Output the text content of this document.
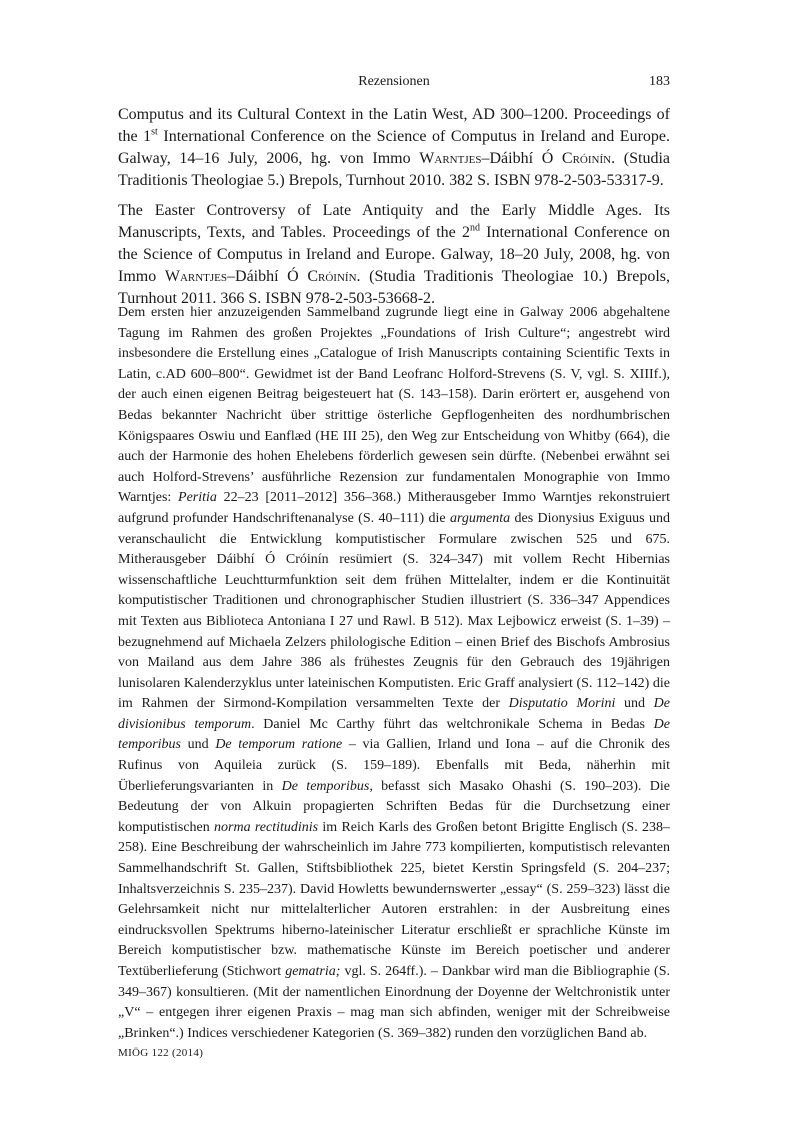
Rezensionen	183

Computus and its Cultural Context in the Latin West, AD 300–1200. Proceedings of the 1st International Conference on the Science of Computus in Ireland and Europe. Galway, 14–16 July, 2006, hg. von Immo Warntjes–Dáibhí Ó Cróinín. (Studia Traditionis Theologiae 5.) Brepols, Turnhout 2010. 382 S. ISBN 978-2-503-53317-9.

The Easter Controversy of Late Antiquity and the Early Middle Ages. Its Manuscripts, Texts, and Tables. Proceedings of the 2nd International Conference on the Science of Computus in Ireland and Europe. Galway, 18–20 July, 2008, hg. von Immo Warntjes–Dáibhí Ó Cróinín. (Studia Traditionis Theologiae 10.) Brepols, Turnhout 2011. 366 S. ISBN 978-2-503-53668-2.

Dem ersten hier anzuzeigenden Sammelband zugrunde liegt eine in Galway 2006 abgehaltene Tagung im Rahmen des großen Projektes „Foundations of Irish Culture“; angestrebt wird insbesondere die Erstellung eines „Catalogue of Irish Manuscripts containing Scientific Texts in Latin, c.AD 600–800“. Gewidmet ist der Band Leofranc Holford-Strevens (S. V, vgl. S. XIIIf.), der auch einen eigenen Beitrag beigesteuert hat (S. 143–158). Darin erörtert er, ausgehend von Bedas bekannter Nachricht über strittige österliche Gepflogenheiten des nordhumbrischen Königspaares Oswiu und Eanflæd (HE III 25), den Weg zur Entscheidung von Whitby (664), die auch der Harmonie des hohen Ehelebens förderlich gewesen sein dürfte. (Nebenbei erwähnt sei auch Holford-Strevens’ ausführliche Rezension zur fundamentalen Monographie von Immo Warntjes: Peritia 22–23 [2011–2012] 356–368.) Mitherausgeber Immo Warntjes rekonstruiert aufgrund profunder Handschriftenanalyse (S. 40–111) die argumenta des Dionysius Exiguus und veranschaulicht die Entwicklung komputistischer Formulare zwischen 525 und 675. Mitherausgeber Dáibhí Ó Cróinín resümiert (S. 324–347) mit vollem Recht Hibernias wissenschaftliche Leuchtturmfunktion seit dem frühen Mittelalter, indem er die Kontinuität komputistischer Traditionen und chronographischer Studien illustriert (S. 336–347 Appendices mit Texten aus Biblioteca Antoniana I 27 und Rawl. B 512). Max Lejbowicz erweist (S. 1–39) – bezugnehmend auf Michaela Zelzers philologische Edition – einen Brief des Bischofs Ambrosius von Mailand aus dem Jahre 386 als frühestes Zeugnis für den Gebrauch des 19jährigen lunisolaren Kalenderzyklus unter lateinischen Komputisten. Eric Graff analysiert (S. 112–142) die im Rahmen der Sirmond-Kompilation versammelten Texte der Disputatio Morini und De divisionibus temporum. Daniel Mc Carthy führt das weltchronikale Schema in Bedas De temporibus und De temporum ratione – via Gallien, Irland und Iona – auf die Chronik des Rufinus von Aquileia zurück (S. 159–189). Ebenfalls mit Beda, näherhin mit Überlieferungsvarianten in De temporibus, befasst sich Masako Ohashi (S. 190–203). Die Bedeutung der von Alkuin propagierten Schriften Bedas für die Durchsetzung einer komputistischen norma rectitudinis im Reich Karls des Großen betont Brigitte Englisch (S. 238–258). Eine Beschreibung der wahrscheinlich im Jahre 773 kompilierten, komputistisch relevanten Sammelhandschrift St. Gallen, Stiftsbibliothek 225, bietet Kerstin Springsfeld (S. 204–237; Inhaltsverzeichnis S. 235–237). David Howletts bewundernswerter „essay“ (S. 259–323) lässt die Gelehrsamkeit nicht nur mittelalterlicher Autoren erstrahlen: in der Ausbreitung eines eindrucksvollen Spektrums hiberno-lateinischer Literatur erschließt er sprachliche Künste im Bereich komputistischer bzw. mathematische Künste im Bereich poetischer und anderer Textüberlieferung (Stichwort gematria; vgl. S. 264ff.). – Dankbar wird man die Bibliographie (S. 349–367) konsultieren. (Mit der namentlichen Einordnung der Doyenne der Weltchronistik unter „V“ – entgegen ihrer eigenen Praxis – mag man sich abfinden, weniger mit der Schreibweise „Brinken“.) Indices verschiedener Kategorien (S. 369–382) runden den vorzüglichen Band ab.

MIÖG 122 (2014)
